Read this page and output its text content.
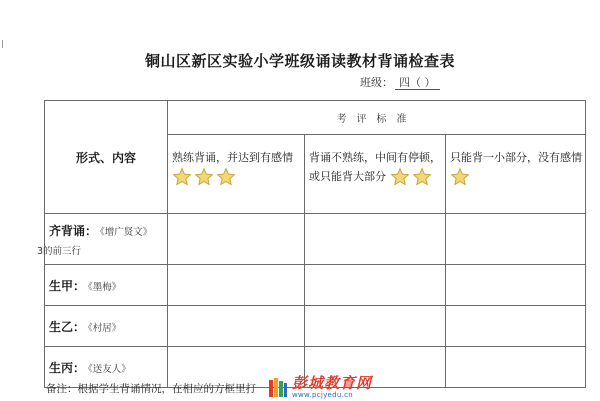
铜山区新区实验小学班级诵读教材背诵检查表
班级： 四（ ）
形式、内容	考评标准		
	熟练背诵，并达到有感情	背诵不熟练，中间有停顿，或只能背大部分	只能背一小部分，没有感情
齐背诵： 《增广贤文》
3的前三行			

生甲： 《墨梅》			
生乙： 《村居》			
生丙： 《送友人》			
备注：根据学生背诵情况，在相应的方框里打 彭城教育网
www.pcjyedu.cn
